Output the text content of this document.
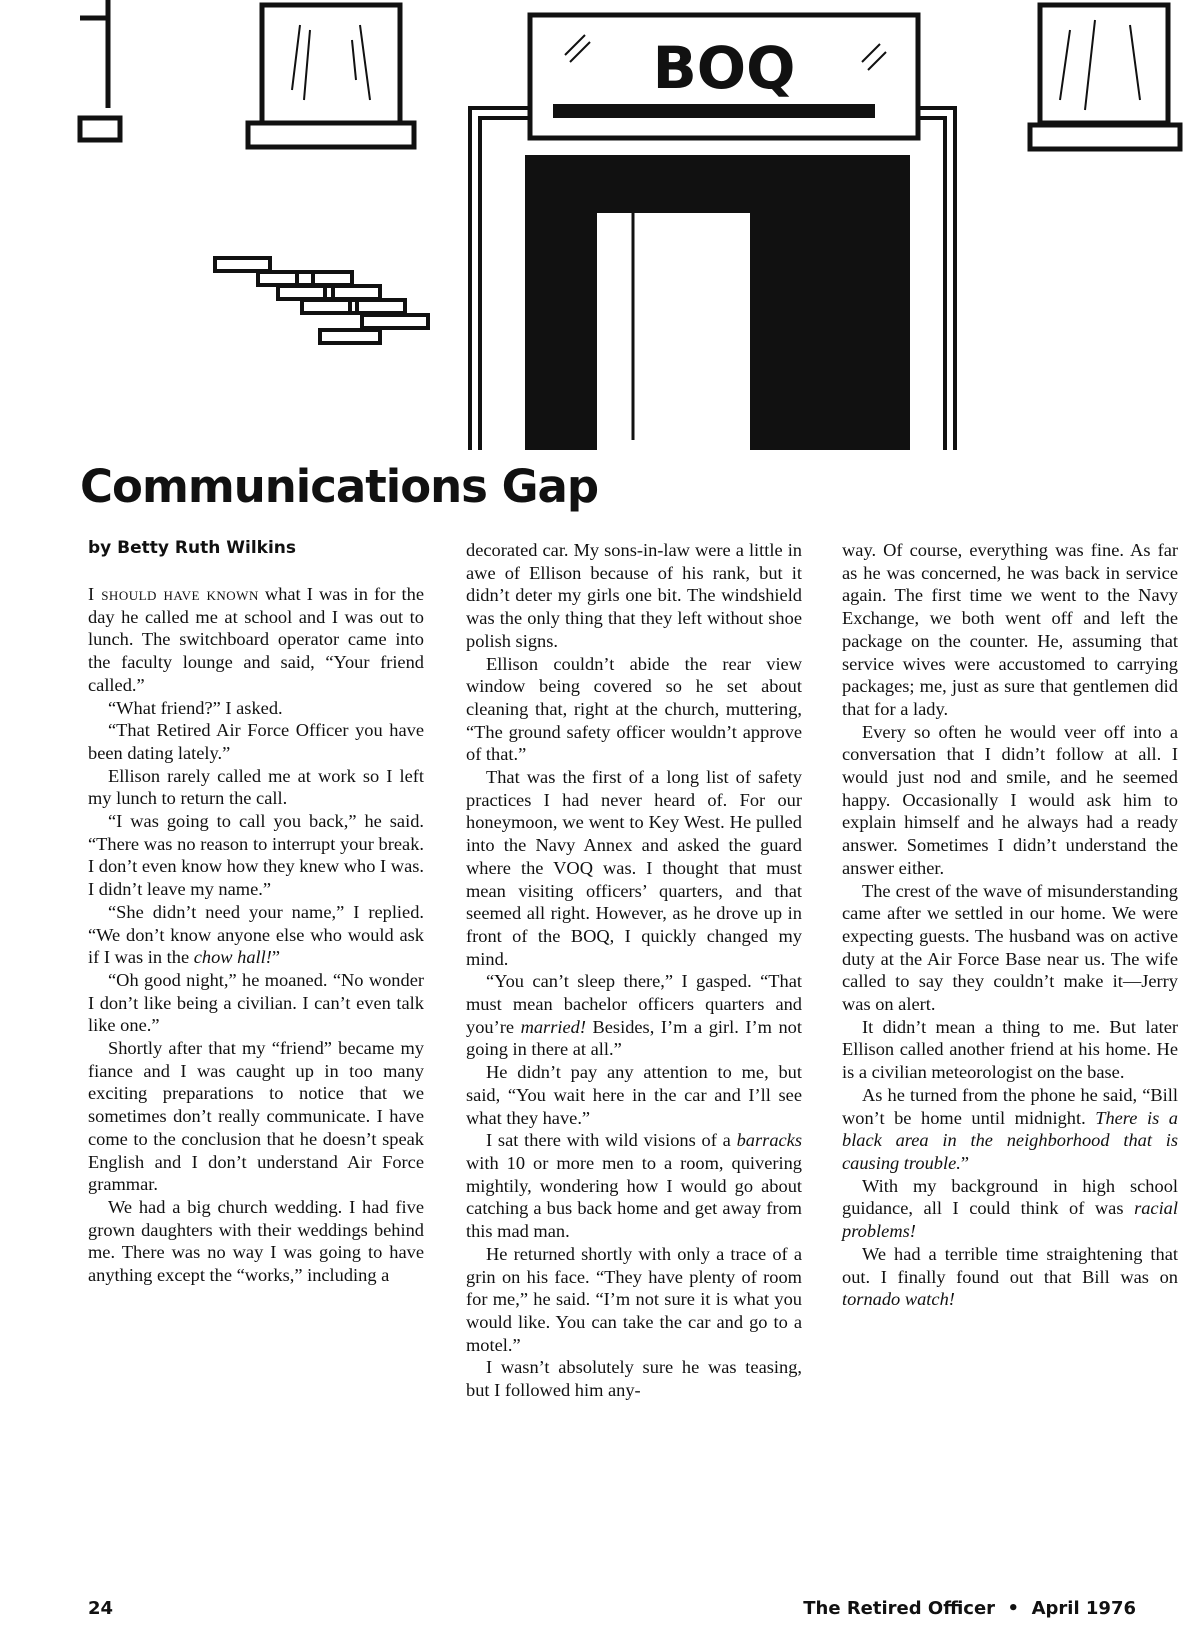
BOQ
Communications Gap

by Betty Ruth Wilkins

I should have known what I was in for the day he called me at school and I was out to lunch. The switchboard operator came into the faculty lounge and said, “Your friend called.”

“What friend?” I asked.

“That Retired Air Force Officer you have been dating lately.”

Ellison rarely called me at work so I left my lunch to return the call.

“I was going to call you back,” he said. “There was no reason to interrupt your break. I don’t even know how they knew who I was. I didn’t leave my name.”

“She didn’t need your name,” I replied. “We don’t know anyone else who would ask if I was in the chow hall!”

“Oh good night,” he moaned. “No wonder I don’t like being a civilian. I can’t even talk like one.”

Shortly after that my “friend” became my fiance and I was caught up in too many exciting preparations to notice that we sometimes don’t really communicate. I have come to the conclusion that he doesn’t speak English and I don’t understand Air Force grammar.

We had a big church wedding. I had five grown daughters with their weddings behind me. There was no way I was going to have anything except the “works,” including a

decorated car. My sons-in-law were a little in awe of Ellison because of his rank, but it didn’t deter my girls one bit. The windshield was the only thing that they left without shoe polish signs.

Ellison couldn’t abide the rear view window being covered so he set about cleaning that, right at the church, muttering, “The ground safety officer wouldn’t approve of that.”

That was the first of a long list of safety practices I had never heard of. For our honeymoon, we went to Key West. He pulled into the Navy Annex and asked the guard where the VOQ was. I thought that must mean visiting officers’ quarters, and that seemed all right. However, as he drove up in front of the BOQ, I quickly changed my mind.

“You can’t sleep there,” I gasped. “That must mean bachelor officers quarters and you’re married! Besides, I’m a girl. I’m not going in there at all.”

He didn’t pay any attention to me, but said, “You wait here in the car and I’ll see what they have.”

I sat there with wild visions of a barracks with 10 or more men to a room, quivering mightily, wondering how I would go about catching a bus back home and get away from this mad man.

He returned shortly with only a trace of a grin on his face. “They have plenty of room for me,” he said. “I’m not sure it is what you would like. You can take the car and go to a motel.”

I wasn’t absolutely sure he was teasing, but I followed him any-

way. Of course, everything was fine. As far as he was concerned, he was back in service again. The first time we went to the Navy Exchange, we both went off and left the package on the counter. He, assuming that service wives were accustomed to carrying packages; me, just as sure that gentlemen did that for a lady.

Every so often he would veer off into a conversation that I didn’t follow at all. I would just nod and smile, and he seemed happy. Occasionally I would ask him to explain himself and he always had a ready answer. Sometimes I didn’t understand the answer either.

The crest of the wave of misunderstanding came after we settled in our home. We were expecting guests. The husband was on active duty at the Air Force Base near us. The wife called to say they couldn’t make it—Jerry was on alert.

It didn’t mean a thing to me. But later Ellison called another friend at his home. He is a civilian meteorologist on the base.

As he turned from the phone he said, “Bill won’t be home until midnight. There is a black area in the neighborhood that is causing trouble.”

With my background in high school guidance, all I could think of was racial problems!

We had a terrible time straightening that out. I finally found out that Bill was on tornado watch!

24	The Retired Officer  •  April 1976
